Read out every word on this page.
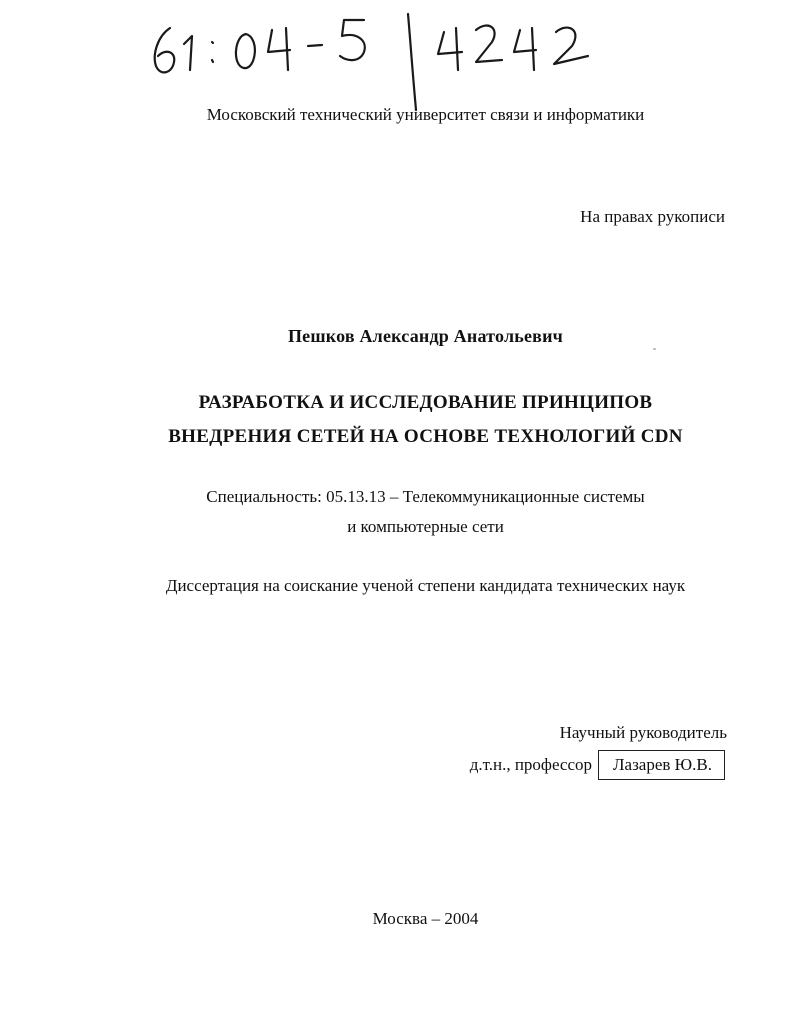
Московский технический университет связи и информатики
На правах рукописи
Пешков Александр Анатольевич
РАЗРАБОТКА И ИССЛЕДОВАНИЕ ПРИНЦИПОВ
ВНЕДРЕНИЯ СЕТЕЙ НА ОСНОВЕ ТЕХНОЛОГИЙ CDN
Специальность: 05.13.13 – Телекоммуникационные системы
и компьютерные сети
Диссертация на соискание ученой степени кандидата технических наук
Научный руководитель
д.т.н., профессор	Лазарев Ю.В.
Москва – 2004
